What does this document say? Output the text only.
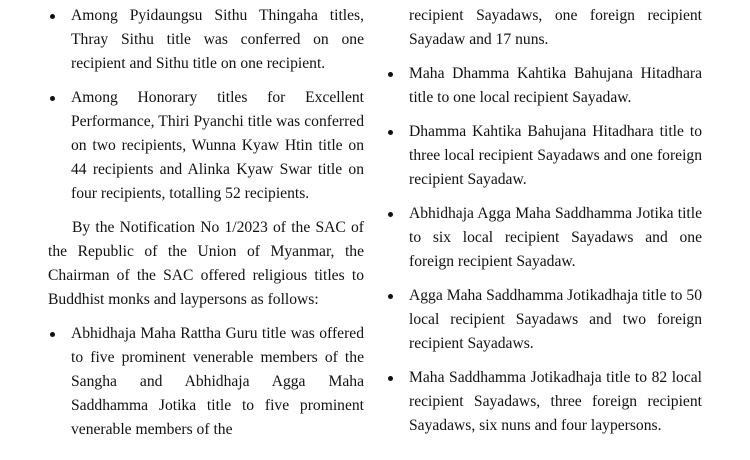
Among Pyidaungsu Sithu Thingaha titles, Thray Sithu title was conferred on one recipient and Sithu title on one recipient.
Among Honorary titles for Excellent Performance, Thiri Pyanchi title was conferred on two recipients, Wunna Kyaw Htin title on 44 recipients and Alinka Kyaw Swar title on four recipients, totalling 52 recipients.

By the Notification No 1/2023 of the SAC of the Republic of the Union of Myanmar, the Chairman of the SAC offered religious titles to Buddhist monks and laypersons as follows:

Abhidhaja Maha Rattha Guru title was offered to five prominent venerable members of the Sangha and Abhidhaja Agga Maha Saddhamma Jotika title to five prominent venerable members of the
recipient Sayadaws, one foreign recipient Sayadaw and 17 nuns.
Maha Dhamma Kahtika Bahujana Hitadhara title to one local recipient Sayadaw.
Dhamma Kahtika Bahujana Hitadhara title to three local recipient Sayadaws and one foreign recipient Sayadaw.
Abhidhaja Agga Maha Saddhamma Jotika title to six local recipient Sayadaws and one foreign recipient Sayadaw.
Agga Maha Saddhamma Jotikadhaja title to 50 local recipient Sayadaws and two foreign recipient Sayadaws.
Maha Saddhamma Jotikadhaja title to 82 local recipient Sayadaws, three foreign recipient Sayadaws, six nuns and four laypersons.
